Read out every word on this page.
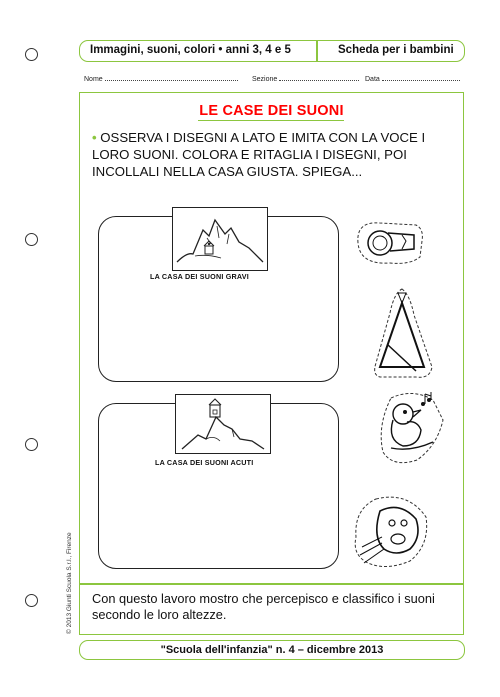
Immagini, suoni, colori • anni 3, 4 e 5	Scheda per i bambini
Nome	Sezione	Data
LE CASE DEI SUONI
• OSSERVA I DISEGNI A LATO E IMITA CON LA VOCE I LORO SUONI. COLORA E RITAGLIA I DISEGNI, POI INCOLLALI NELLA CASA GIUSTA. SPIEGA...
LA CASA DEI SUONI GRAVI
LA CASA DEI SUONI ACUTI
Con questo lavoro mostro che percepisco e classifico i suoni secondo le loro altezze.
© 2013 Giunti Scuola S.r.l., Firenze
"Scuola dell'infanzia" n. 4 – dicembre 2013
